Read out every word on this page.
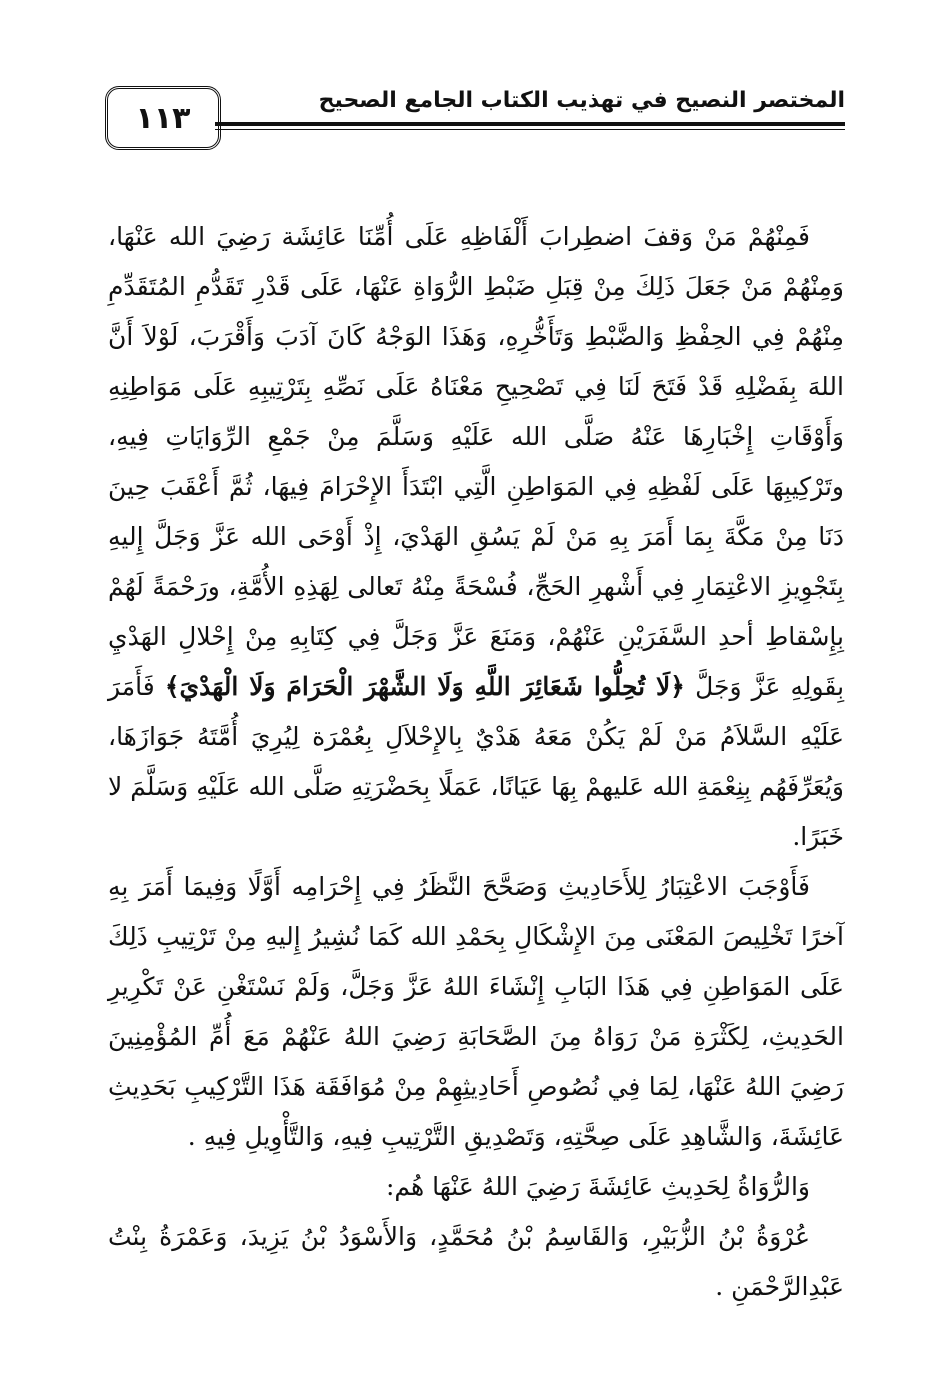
١١٣	المختصر النصيح في تهذيب الكتاب الجامع الصحيح

فَمِنْهُمْ مَنْ وَقفَ اضطِرابَ أَلْفَاظِهِ عَلَى أُمِّنَا عَائِشَة رَضِيَ الله عَنْهَا، وَمِنْهُمْ مَنْ جَعَلَ ذَلِكَ مِنْ قِبَلِ ضَبْطِ الرُّوَاةِ عَنْهَا، عَلَى قَدْرِ تَقَدُّمِ المُتَقَدِّمِ مِنْهُمْ فِي الحِفْظِ وَالضَّبْطِ وَتَأَخُّرِهِ، وَهَذَا الوَجْهُ كَانَ آدَبَ وَأَقْرَبَ، لَوْلاَ أَنَّ اللهَ بِفَضْلِهِ قَدْ فَتَحَ لَنَا فِي تَصْحِيحِ مَعْنَاهُ عَلَى نَصِّهِ بِتَرْتِيبِهِ عَلَى مَوَاطِنِهِ وَأَوْقَاتِ إِخْبَارِهَا عَنْهُ صَلَّى الله عَلَيْهِ وَسَلَّمَ مِنْ جَمْعِ الرِّوَايَاتِ فِيهِ، وتَرْكِيبِهَا عَلَى لَفْظِهِ فِي المَوَاطِنِ الَّتِي ابْتَدَأَ الإِحْرَامَ فِيهَا، ثُمَّ أَعْقَبَ حِينَ دَنَا مِنْ مَكَّةَ بِمَا أَمَرَ بِهِ مَنْ لَمْ يَسُقِ الهَدْيَ، إِذْ أَوْحَى الله عَزَّ وَجَلَّ إِليهِ بِتَجْوِيزِ الاعْتِمَارِ فِي أَشْهرِ الحَجِّ، فُسْحَةً مِنْهُ تَعالى لِهَذِهِ الأُمَّةِ، ورَحْمَةً لَهُمْ بِإِسْقاطِ أحدِ السَّفَرَيْنِ عَنْهُمْ، وَمَنَعَ عَزَّ وَجَلَّ فِي كِتَابِهِ مِنْ إِحْلالِ الهَدْيِ بِقَولِهِ عَزَّ وَجَلَّ ﴿لَا تُحِلُّوا شَعَائِرَ اللَّهِ وَلَا الشَّهْرَ الْحَرَامَ وَلَا الْهَدْيَ﴾ فَأَمَرَ عَلَيْهِ السَّلاَمُ مَنْ لَمْ يَكُنْ مَعَهُ هَدْيٌ بِالإِحْلاَلِ بِعُمْرَة لِيُرِيَ أُمَّتَهُ جَوَازَهَا، وَيُعَرِّفَهُم بِنِعْمَةِ الله عَليهمْ بِهَا عَيَانًا، عَمَلًا بِحَضْرَتِهِ صَلَّى الله عَلَيْهِ وَسَلَّمَ لا خَبَرًا.

فَأَوْجَبَ الاعْتِبَارُ لِلأَحَادِيثِ وَصَحَّحَ النَّظَرُ فِي إِحْرَامِه أَوَّلًا وَفِيمَا أَمَرَ بِهِ آخرًا تَخْلِيصَ المَعْنَى مِنَ الإِشْكَالِ بِحَمْدِ الله كَمَا نُشِيرُ إِليهِ مِنْ تَرْتِيبِ ذَلِكَ عَلَى المَوَاطِنِ فِي هَذَا البَابِ إِنْشَاءَ اللهُ عَزَّ وَجَلَّ، وَلَمْ نَسْتَغْنِ عَنْ تَكْرِيرِ الحَدِيثِ، لِكَثْرَةِ مَنْ رَوَاهُ مِنَ الصَّحَابَةِ رَضِيَ اللهُ عَنْهُمْ مَعَ أُمِّ المُؤْمِنِينَ رَضِيَ اللهُ عَنْهَا، لِمَا فِي نُصُوصِ أَحَادِيثِهِمْ مِنْ مُوَافَقَة هَذَا التَّرْكِيبِ بَحَدِيثِ عَائِشَةَ، وَالشَّاهِدِ عَلَى صِحَّتِهِ، وَتَصْدِيقِ التَّرْتِيبِ فِيهِ، وَالتَّأْوِيلِ فِيهِ .

وَالرُّوَاةُ لِحَدِيثِ عَائِشَةَ رَضِيَ اللهُ عَنْهَا هُم:

عُرْوَةُ بْنُ الزُّبَيْرِ، وَالقَاسِمُ بْنُ مُحَمَّدٍ، وَالأَسْوَدُ بْنُ يَزِيدَ، وَعَمْرَةُ بِنْتُ عَبْدِالرَّحْمَنِ .
